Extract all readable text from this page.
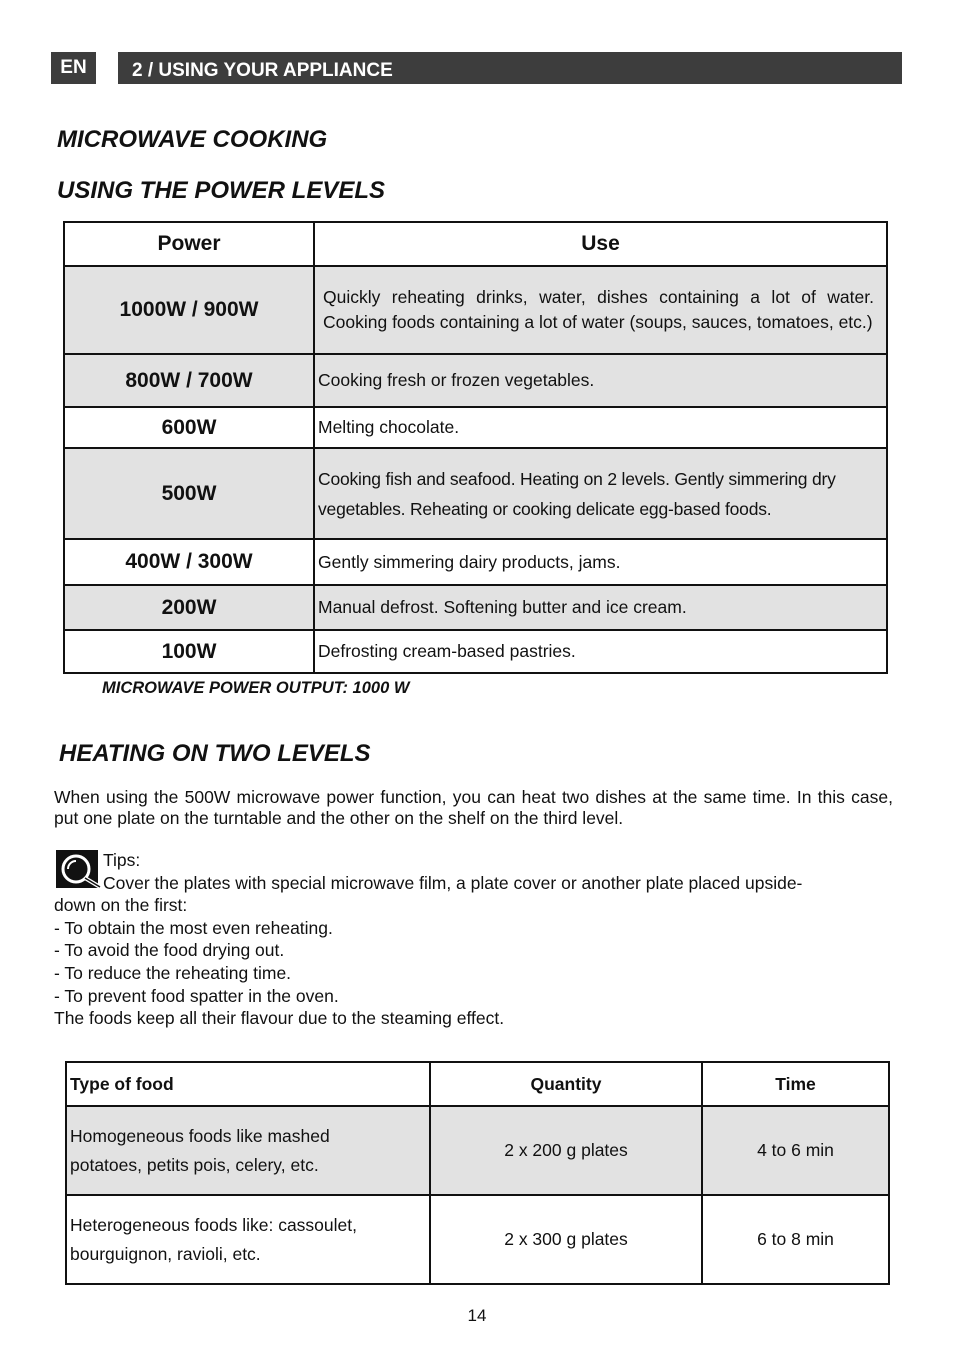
EN	2 / USING YOUR APPLIANCE
MICROWAVE COOKING
USING THE POWER LEVELS
Power	Use
1000W / 900W	Quickly reheating drinks, water, dishes containing a lot of water. Cooking foods containing a lot of water (soups, sauces, tomatoes, etc.)
800W / 700W	Cooking fresh or frozen vegetables.
600W	Melting chocolate.
500W	Cooking fish and seafood. Heating on 2 levels. Gently simmering dry vegetables. Reheating or cooking delicate egg-based foods.
400W / 300W	Gently simmering dairy products, jams.
200W	Manual defrost. Softening butter and ice cream.
100W	Defrosting cream-based pastries.

MICROWAVE POWER OUTPUT: 1000 W

HEATING ON TWO LEVELS

When using the 500W microwave power function, you can heat two dishes at the same time. In this case, put one plate on the turntable and the other on the shelf on the third level.

Tips:
Cover the plates with special microwave film, a plate cover or another plate placed upside-
down on the first:
- To obtain the most even reheating.
- To avoid the food drying out.
- To reduce the reheating time.
- To prevent food spatter in the oven.
The foods keep all their flavour due to the steaming effect.
Type of food	Quantity	Time

Homogeneous foods like mashed
potatoes, petits pois, celery, etc.	2 x 200 g plates	4 to 6 min

Heterogeneous foods like: cassoulet,
bourguignon, ravioli, etc.	2 x 300 g plates	6 to 8 min
14
